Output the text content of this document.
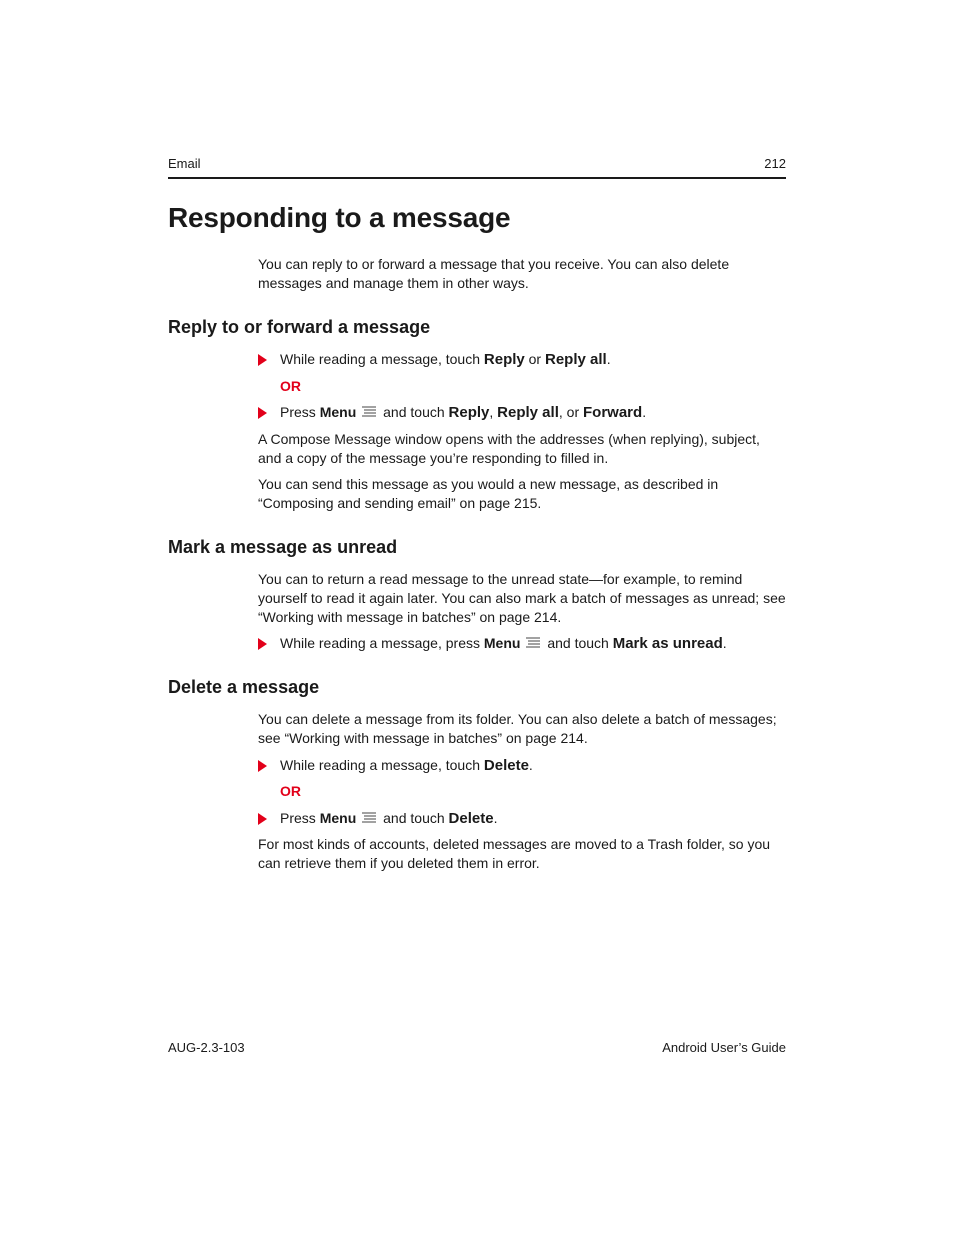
Email	212
Responding to a message

You can reply to or forward a message that you receive. You can also delete messages and manage them in other ways.

Reply to or forward a message
While reading a message, touch Reply or Reply all.
OR
Press Menu and touch Reply, Reply all, or Forward.

A Compose Message window opens with the addresses (when replying), subject, and a copy of the message you’re responding to filled in.

You can send this message as you would a new message, as described in “Composing and sending email” on page 215.

Mark a message as unread

You can to return a read message to the unread state—for example, to remind yourself to read it again later. You can also mark a batch of messages as unread; see “Working with message in batches” on page 214.

While reading a message, press Menu and touch Mark as unread.
Delete a message

You can delete a message from its folder. You can also delete a batch of messages; see “Working with message in batches” on page 214.

While reading a message, touch Delete.
OR
Press Menu and touch Delete.

For most kinds of accounts, deleted messages are moved to a Trash folder, so you can retrieve them if you deleted them in error.

AUG-2.3-103	Android User’s Guide
